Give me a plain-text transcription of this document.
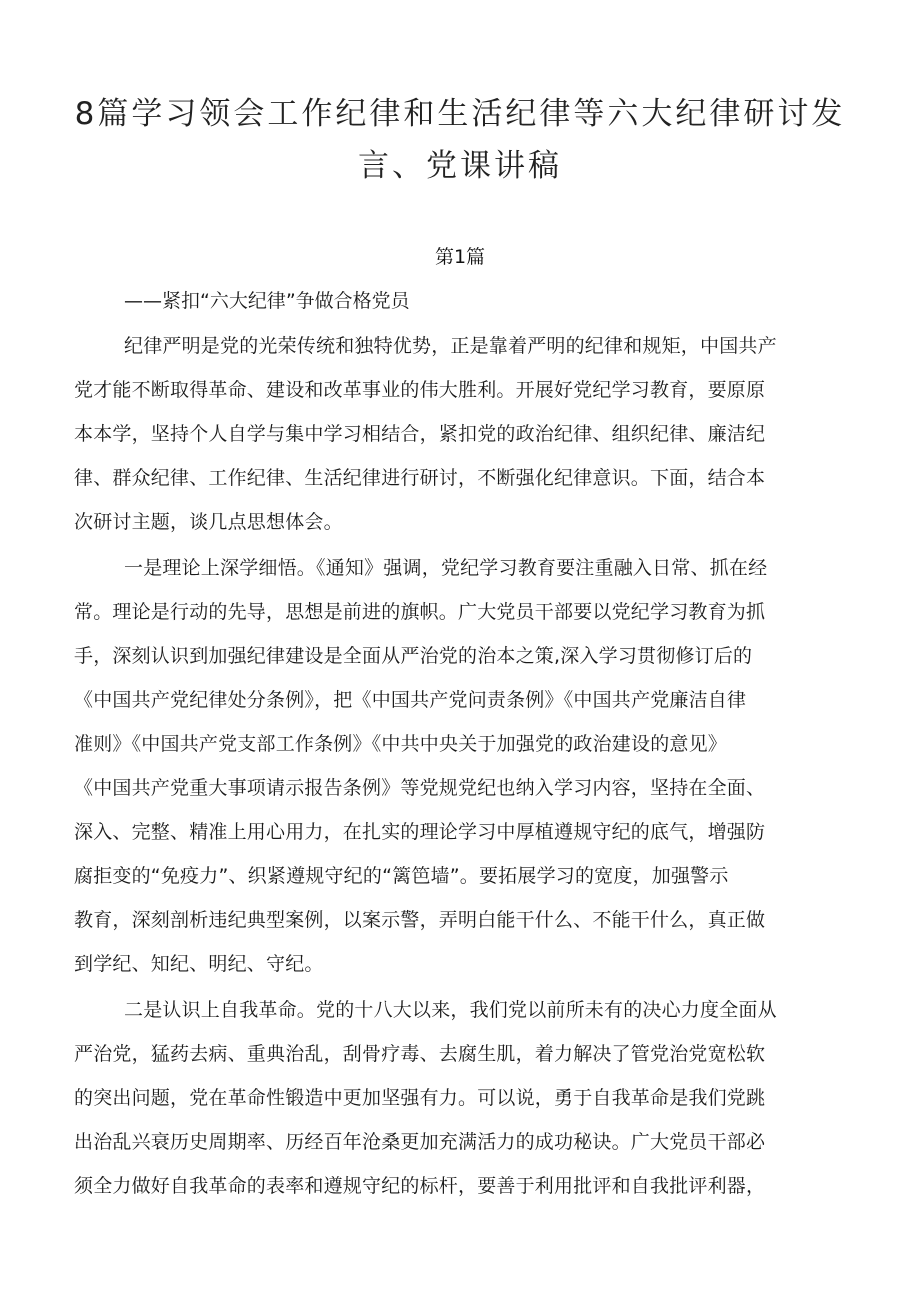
8篇学习领会工作纪律和生活纪律等六大纪律研讨发
言、党课讲稿
第1篇
——紧扣“六大纪律”争做合格党员
纪律严明是党的光荣传统和独特优势，正是靠着严明的纪律和规矩，中国共产
党才能不断取得革命、建设和改革事业的伟大胜利。开展好党纪学习教育，要原原
本本学，坚持个人自学与集中学习相结合，紧扣党的政治纪律、组织纪律、廉洁纪
律、群众纪律、工作纪律、生活纪律进行研讨，不断强化纪律意识。下面，结合本
次研讨主题，谈几点思想体会。
一是理论上深学细悟。《通知》强调，党纪学习教育要注重融入日常、抓在经
常。理论是行动的先导，思想是前进的旗帜。广大党员干部要以党纪学习教育为抓
手，深刻认识到加强纪律建设是全面从严治党的治本之策,深入学习贯彻修订后的
《中国共产党纪律处分条例》，把《中国共产党问责条例》《中国共产党廉洁自律
准则》《中国共产党支部工作条例》《中共中央关于加强党的政治建设的意见》
《中国共产党重大事项请示报告条例》等党规党纪也纳入学习内容，坚持在全面、
深入、完整、精准上用心用力，在扎实的理论学习中厚植遵规守纪的底气，增强防
腐拒变的“免疫力”、织紧遵规守纪的“篱笆墙”。要拓展学习的宽度，加强警示
教育，深刻剖析违纪典型案例，以案示警，弄明白能干什么、不能干什么，真正做
到学纪、知纪、明纪、守纪。
二是认识上自我革命。党的十八大以来，我们党以前所未有的决心力度全面从
严治党，猛药去病、重典治乱，刮骨疗毒、去腐生肌，着力解决了管党治党宽松软
的突出问题，党在革命性锻造中更加坚强有力。可以说，勇于自我革命是我们党跳
出治乱兴衰历史周期率、历经百年沧桑更加充满活力的成功秘诀。广大党员干部必
须全力做好自我革命的表率和遵规守纪的标杆，要善于利用批评和自我批评利器，
